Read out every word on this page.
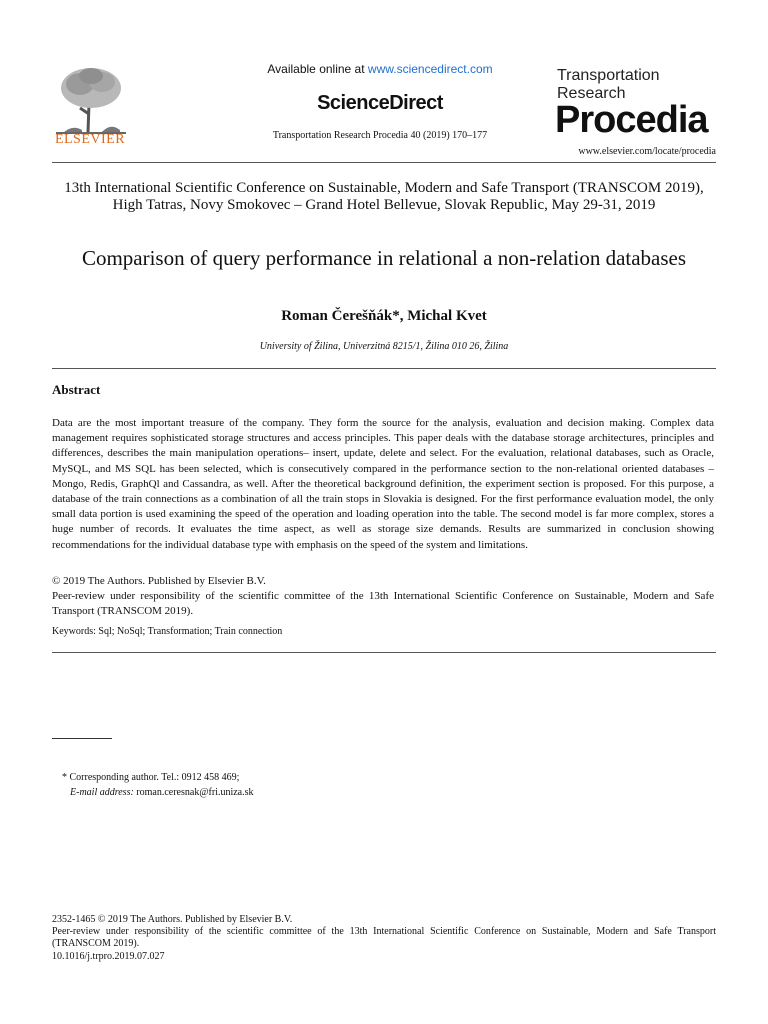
ELSEVIER
Available online at www.sciencedirect.com
ScienceDirect
Transportation Research Procedia 40 (2019) 170–177
Transportation
Research
Procedia
www.elsevier.com/locate/procedia
13th International Scientific Conference on Sustainable, Modern and Safe Transport (TRANSCOM 2019), High Tatras, Novy Smokovec – Grand Hotel Bellevue, Slovak Republic, May 29-31, 2019
Comparison of query performance in relational a non-relation databases
Roman Čerešňák*, Michal Kvet
University of Žilina, Univerzitná 8215/1, Žilina 010 26, Žilina
Abstract
Data are the most important treasure of the company. They form the source for the analysis, evaluation and decision making. Complex data management requires sophisticated storage structures and access principles. This paper deals with the database storage architectures, principles and differences, describes the main manipulation operations– insert, update, delete and select. For the evaluation, relational databases, such as Oracle, MySQL, and MS SQL has been selected, which is consecutively compared in the performance section to the non-relational oriented databases – Mongo, Redis, GraphQl and Cassandra, as well. After the theoretical background definition, the experiment section is proposed. For this purpose, a database of the train connections as a combination of all the train stops in Slovakia is designed. For the first performance evaluation model, the only small data portion is used examining the speed of the operation and loading operation into the table. The second model is far more complex, stores a huge number of records. It evaluates the time aspect, as well as storage size demands. Results are summarized in conclusion showing recommendations for the individual database type with emphasis on the speed of the system and limitations.
© 2019 The Authors. Published by Elsevier B.V.
Peer-review under responsibility of the scientific committee of the 13th International Scientific Conference on Sustainable, Modern and Safe Transport (TRANSCOM 2019).
Keywords: Sql; NoSql; Transformation; Train connection
* Corresponding author. Tel.: 0912 458 469;
E-mail address: roman.ceresnak@fri.uniza.sk
2352-1465 © 2019 The Authors. Published by Elsevier B.V.
Peer-review under responsibility of the scientific committee of the 13th International Scientific Conference on Sustainable, Modern and Safe Transport (TRANSCOM 2019).
10.1016/j.trpro.2019.07.027
